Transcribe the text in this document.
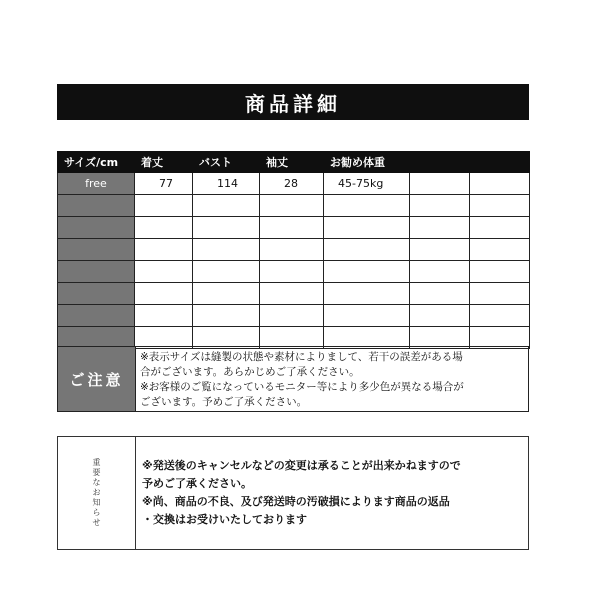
商品詳細
サイズ/cm	着丈	バスト	袖丈	お勧め体重		
free	77	114	28	45-75kg		

ご注意
※表示サイズは縫製の状態や素材によりまして、若干の誤差がある場
合がございます。あらかじめご了承ください。
※お客様のご覧になっているモニター等により多少色が異なる場合が
ございます。予めご了承ください。
重
要
な
お
知
ら
せ
※発送後のキャンセルなどの変更は承ることが出来かねますので
予めご了承ください。
※尚、商品の不良、及び発送時の汚破損によります商品の返品
・交換はお受けいたしております
